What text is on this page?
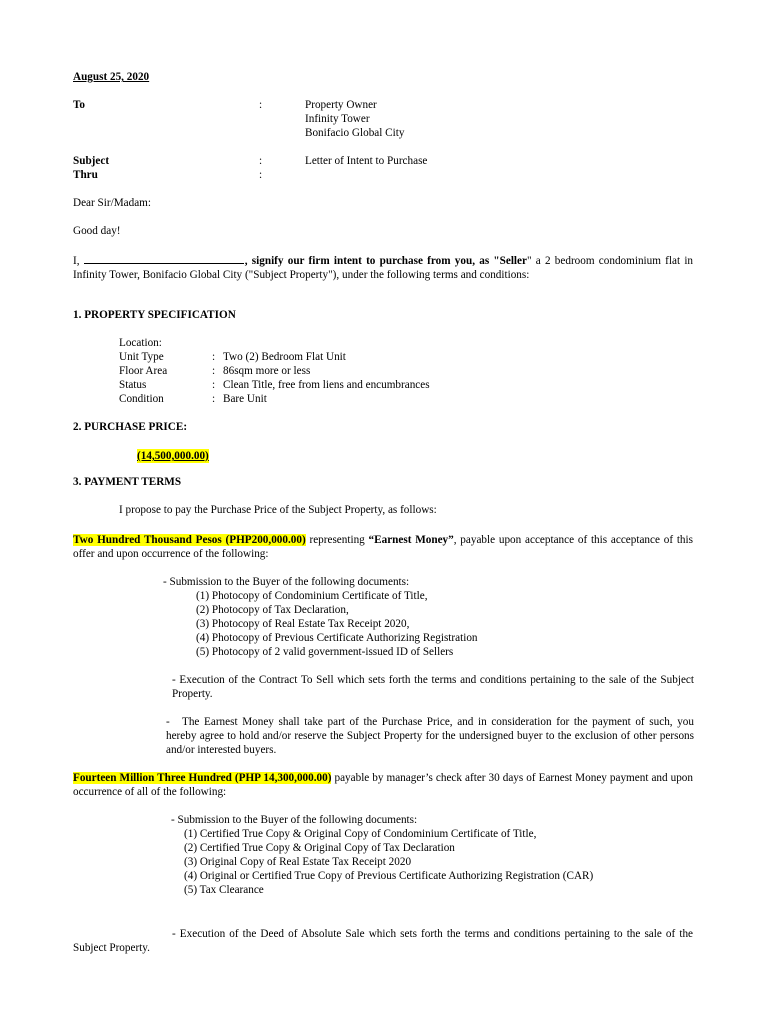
August 25, 2020
To	:	Property Owner
Infinity Tower
Bonifacio Global City
Subject	:	Letter of Intent to Purchase
Thru	:
Dear Sir/Madam:
Good day!
I,	, signify our firm intent to purchase from you, as "Seller" a 2 bedroom condominium flat in Infinity Tower, Bonifacio Global City ("Subject Property"), under the following terms and conditions:
1. PROPERTY SPECIFICATION
Location:
Unit Type	: Two (2) Bedroom Flat Unit
Floor Area	: 86sqm more or less
Status	: Clean Title, free from liens and encumbrances
Condition	: Bare Unit
2. PURCHASE PRICE:
(14,500,000.00)
3. PAYMENT TERMS
I propose to pay the Purchase Price of the Subject Property, as follows:
Two Hundred Thousand Pesos (PHP200,000.00) representing “Earnest Money”, payable upon acceptance of this acceptance of this offer and upon occurrence of the following:
- Submission to the Buyer of the following documents:
(1) Photocopy of Condominium Certificate of Title,
(2) Photocopy of Tax Declaration,
(3) Photocopy of Real Estate Tax Receipt 2020,
(4) Photocopy of Previous Certificate Authorizing Registration
(5) Photocopy of 2 valid government-issued ID of Sellers
- Execution of the Contract To Sell which sets forth the terms and conditions pertaining to the sale of the Subject Property.
-	The Earnest Money shall take part of the Purchase Price, and in consideration for the payment of such, you hereby agree to hold and/or reserve the Subject Property for the undersigned buyer to the exclusion of other persons and/or interested buyers.
Fourteen Million Three Hundred (PHP 14,300,000.00) payable by manager’s check after 30 days of Earnest Money payment and upon occurrence of all of the following:
- Submission to the Buyer of the following documents:
(1) Certified True Copy & Original Copy of Condominium Certificate of Title,
(2) Certified True Copy & Original Copy of Tax Declaration
(3) Original Copy of Real Estate Tax Receipt 2020
(4) Original or Certified True Copy of Previous Certificate Authorizing Registration (CAR)
(5) Tax Clearance
- Execution of the Deed of Absolute Sale which sets forth the terms and conditions pertaining to the sale of the Subject Property.
